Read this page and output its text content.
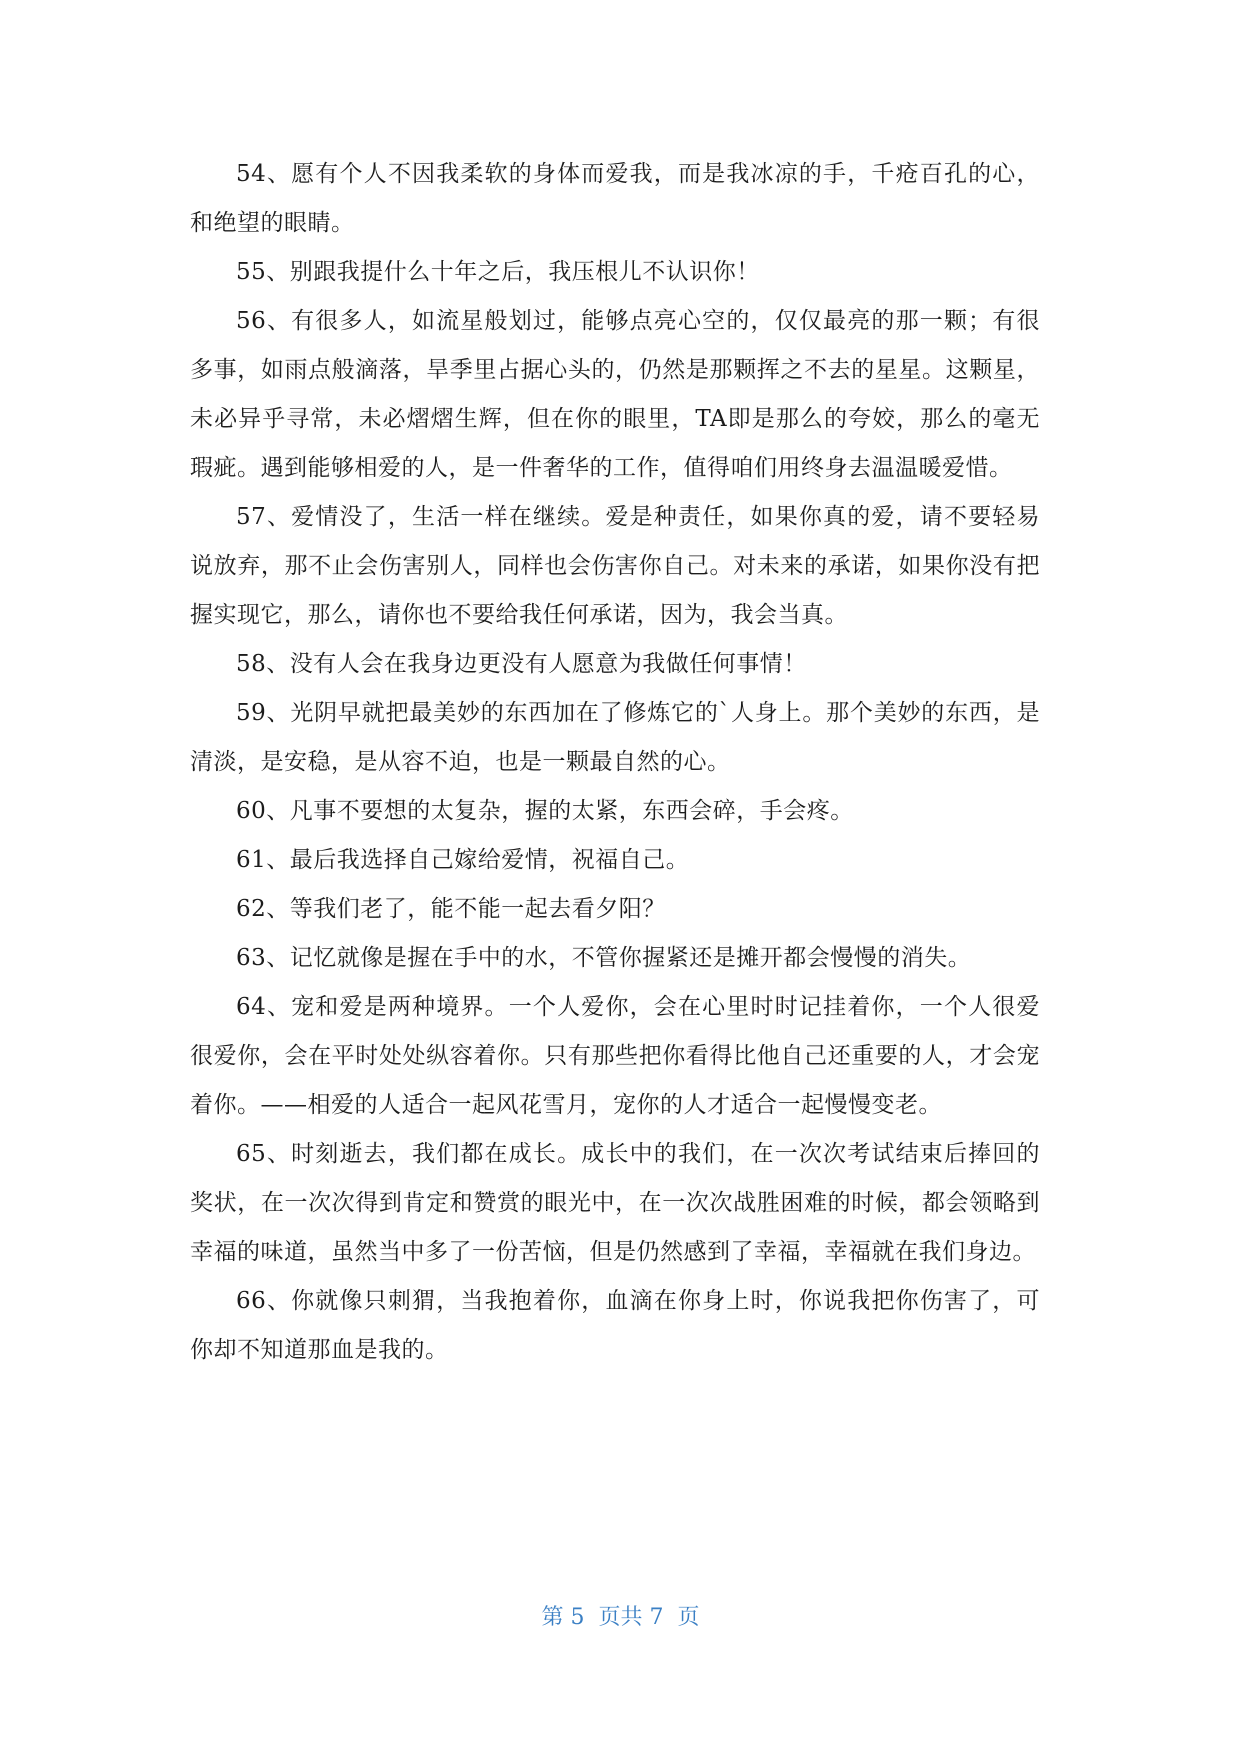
54、愿有个人不因我柔软的身体而爱我，而是我冰凉的手，千疮百孔的心，和绝望的眼睛。

55、别跟我提什么十年之后，我压根儿不认识你！

56、有很多人，如流星般划过，能够点亮心空的，仅仅最亮的那一颗；有很多事，如雨点般滴落，旱季里占据心头的，仍然是那颗挥之不去的星星。这颗星，未必异乎寻常，未必熠熠生辉，但在你的眼里，TA即是那么的夸姣，那么的毫无瑕疵。遇到能够相爱的人，是一件奢华的工作，值得咱们用终身去温温暖爱惜。

57、爱情没了，生活一样在继续。爱是种责任，如果你真的爱，请不要轻易说放弃，那不止会伤害别人，同样也会伤害你自己。对未来的承诺，如果你没有把握实现它，那么，请你也不要给我任何承诺，因为，我会当真。

58、没有人会在我身边更没有人愿意为我做任何事情！

59、光阴早就把最美妙的东西加在了修炼它的`人身上。那个美妙的东西，是清淡，是安稳，是从容不迫，也是一颗最自然的心。

60、凡事不要想的太复杂，握的太紧，东西会碎，手会疼。

61、最后我选择自己嫁给爱情，祝福自己。

62、等我们老了，能不能一起去看夕阳？

63、记忆就像是握在手中的水，不管你握紧还是摊开都会慢慢的消失。

64、宠和爱是两种境界。一个人爱你，会在心里时时记挂着你，一个人很爱很爱你，会在平时处处纵容着你。只有那些把你看得比他自己还重要的人，才会宠着你。——相爱的人适合一起风花雪月，宠你的人才适合一起慢慢变老。

65、时刻逝去，我们都在成长。成长中的我们，在一次次考试结束后捧回的奖状，在一次次得到肯定和赞赏的眼光中，在一次次战胜困难的时候，都会领略到幸福的味道，虽然当中多了一份苦恼，但是仍然感到了幸福，幸福就在我们身边。

66、你就像只刺猬，当我抱着你，血滴在你身上时，你说我把你伤害了，可你却不知道那血是我的。

第 5  页共 7  页
